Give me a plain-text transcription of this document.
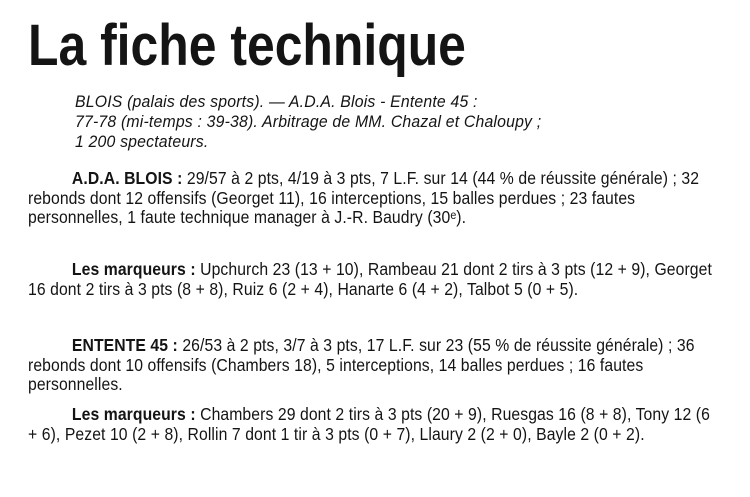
La fiche technique
BLOIS (palais des sports). — A.D.A. Blois - Entente 45 :
77-78 (mi-temps : 39-38). Arbitrage de MM. Chazal et Chaloupy ;
1 200 spectateurs.
A.D.A. BLOIS : 29/57 à 2 pts, 4/19 à 3 pts, 7 L.F. sur 14 (44 % de réussite générale) ; 32 rebonds dont 12 offensifs (Georget 11), 16 interceptions, 15 balles perdues ; 23 fautes personnelles, 1 faute technique manager à J.-R. Baudry (30ᵉ).
Les marqueurs : Upchurch 23 (13 + 10), Rambeau 21 dont 2 tirs à 3 pts (12 + 9), Georget 16 dont 2 tirs à 3 pts (8 + 8), Ruiz 6 (2 + 4), Hanarte 6 (4 + 2), Talbot 5 (0 + 5).
ENTENTE 45 : 26/53 à 2 pts, 3/7 à 3 pts, 17 L.F. sur 23 (55 % de réussite générale) ; 36 rebonds dont 10 offensifs (Chambers 18), 5 interceptions, 14 balles perdues ; 16 fautes personnelles.
Les marqueurs : Chambers 29 dont 2 tirs à 3 pts (20 + 9), Ruesgas 16 (8 + 8), Tony 12 (6 + 6), Pezet 10 (2 + 8), Rollin 7 dont 1 tir à 3 pts (0 + 7), Llaury 2 (2 + 0), Bayle 2 (0 + 2).
